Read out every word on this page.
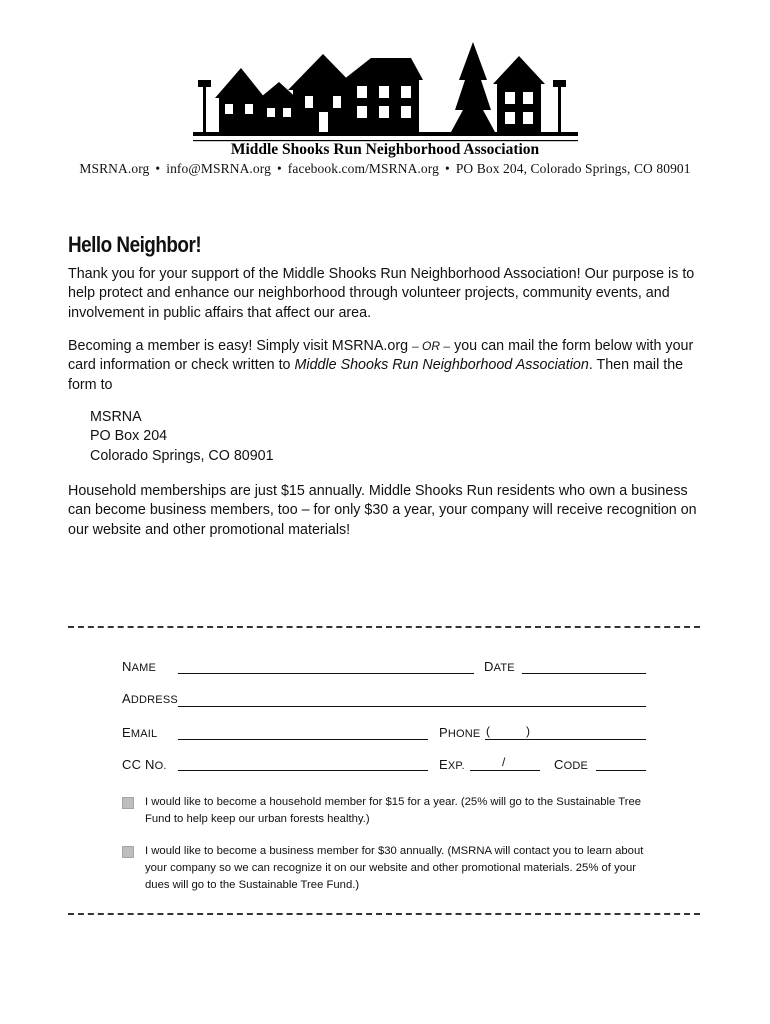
Middle Shooks Run Neighborhood Association
MSRNA.org • info@MSRNA.org • facebook.com/MSRNA.org • PO Box 204, Colorado Springs, CO 80901
Hello Neighbor!
Thank you for your support of the Middle Shooks Run Neighborhood Association! Our purpose is to help protect and enhance our neighborhood through volunteer projects, community events, and involvement in public affairs that affect our area.
Becoming a member is easy! Simply visit MSRNA.org – OR – you can mail the form below with your card information or check written to Middle Shooks Run Neighborhood Association. Then mail the form to
MSRNA
PO Box 204
Colorado Springs, CO 80901
Household memberships are just $15 annually. Middle Shooks Run residents who own a business can become business members, too – for only $30 a year, your company will receive recognition on our website and other promotional materials!
NAME	DATE
ADDRESS
EMAIL	PHONE (	)
CC NO.	EXP.	/	CODE
I would like to become a household member for $15 for a year. (25% will go to the Sustainable Tree Fund to help keep our urban forests healthy.)
I would like to become a business member for $30 annually. (MSRNA will contact you to learn about your company so we can recognize it on our website and other promotional materials. 25% of your dues will go to the Sustainable Tree Fund.)
